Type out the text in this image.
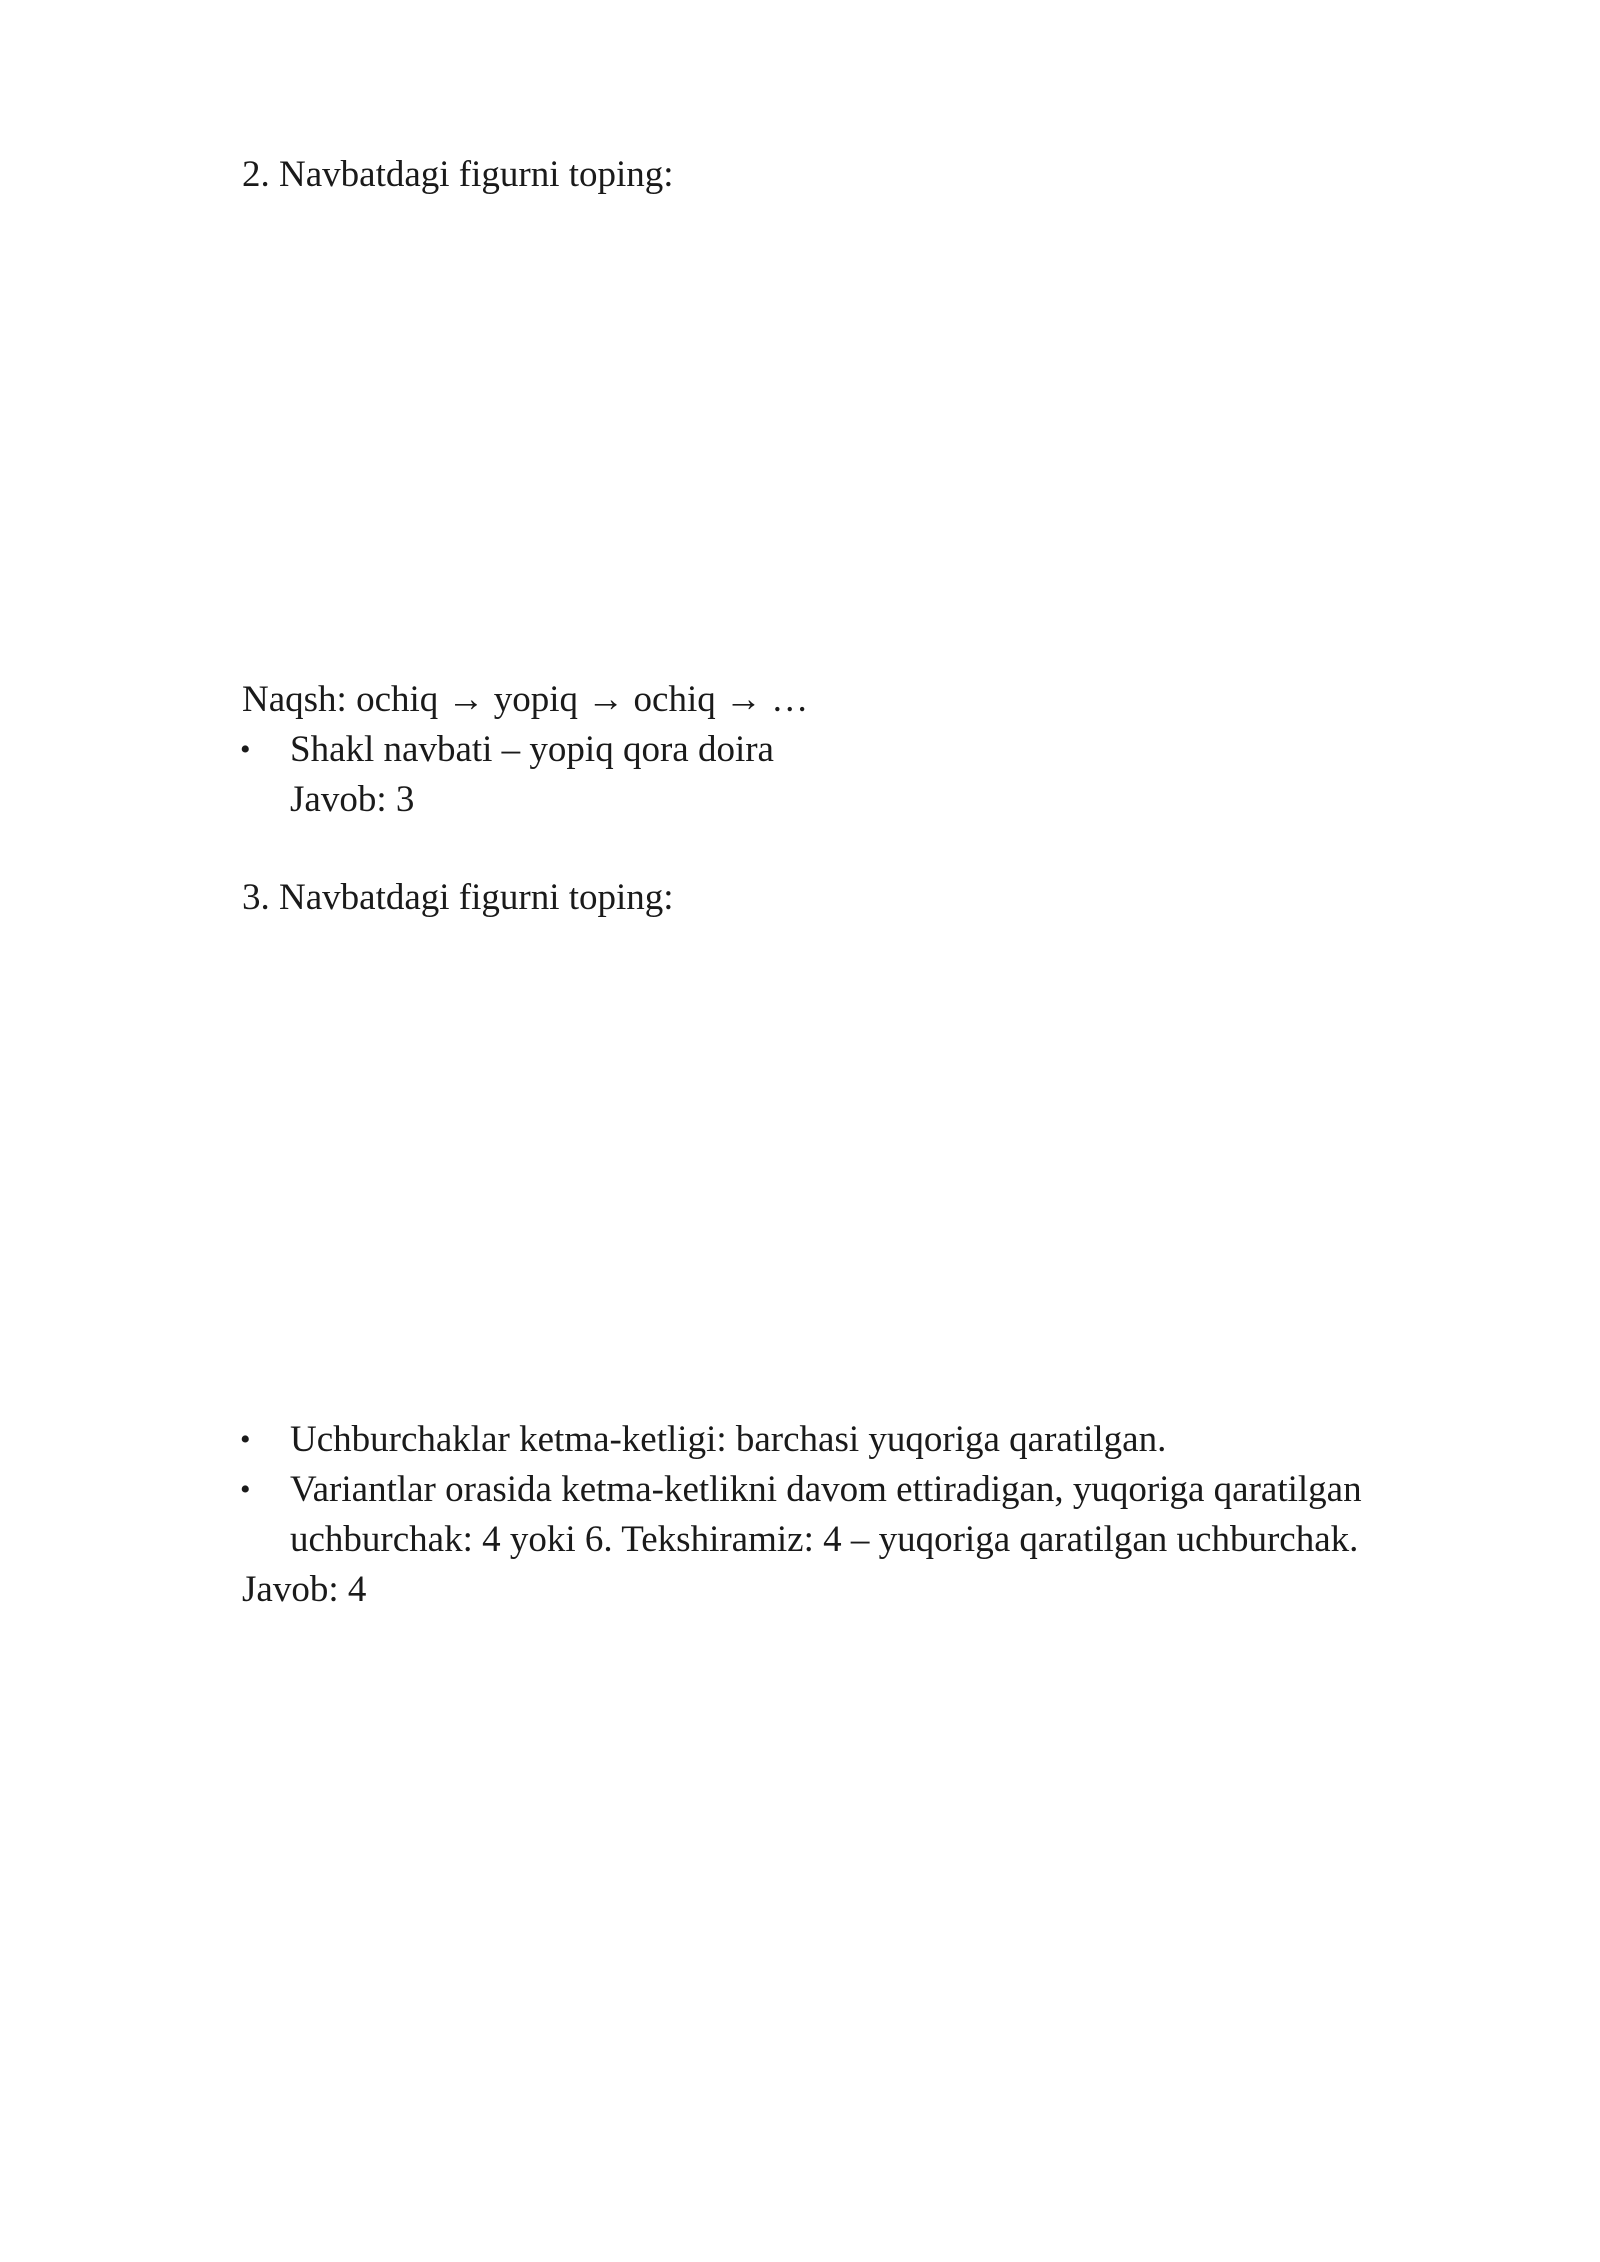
2. Navbatdagi figurni toping:
Naqsh: ochiq → yopiq → ochiq → …
• Shakl navbati – yopiq qora doira
Javob: 3
3. Navbatdagi figurni toping:
• Uchburchaklar ketma-ketligi: barchasi yuqoriga qaratilgan.
• Variantlar orasida ketma-ketlikni davom ettiradigan, yuqoriga qaratilgan
uchburchak: 4 yoki 6. Tekshiramiz: 4 – yuqoriga qaratilgan uchburchak.
Javob: 4
